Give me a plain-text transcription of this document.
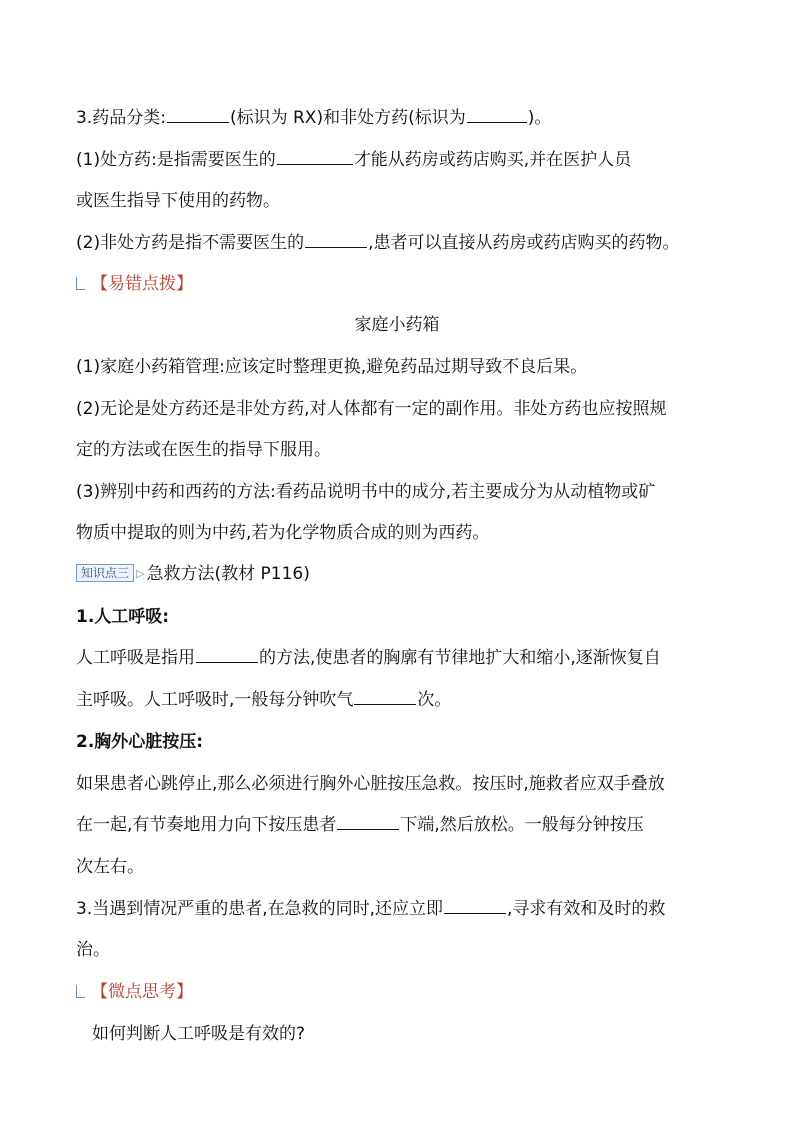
3.药品分类:	(标识为 RX)和非处方药(标识为	)。
(1)处方药:是指需要医生的	才能从药房或药店购买,并在医护人员
或医生指导下使用的药物。
(2)非处方药是指不需要医生的	,患者可以直接从药房或药店购买的药物。
【易错点拨】
家庭小药箱
(1)家庭小药箱管理:应该定时整理更换,避免药品过期导致不良后果。
(2)无论是处方药还是非处方药,对人体都有一定的副作用。非处方药也应按照规
定的方法或在医生的指导下服用。
(3)辨别中药和西药的方法:看药品说明书中的成分,若主要成分为从动植物或矿
物质中提取的则为中药,若为化学物质合成的则为西药。
知识点三 ▷ 急救方法(教材 P116)
1.人工呼吸:
人工呼吸是指用	的方法,使患者的胸廓有节律地扩大和缩小,逐渐恢复自
主呼吸。人工呼吸时,一般每分钟吹气	次。
2.胸外心脏按压:
如果患者心跳停止,那么必须进行胸外心脏按压急救。按压时,施救者应双手叠放
在一起,有节奏地用力向下按压患者	下端,然后放松。一般每分钟按压
次左右。
3.当遇到情况严重的患者,在急救的同时,还应立即	,寻求有效和及时的救
治。
【微点思考】
如何判断人工呼吸是有效的?
